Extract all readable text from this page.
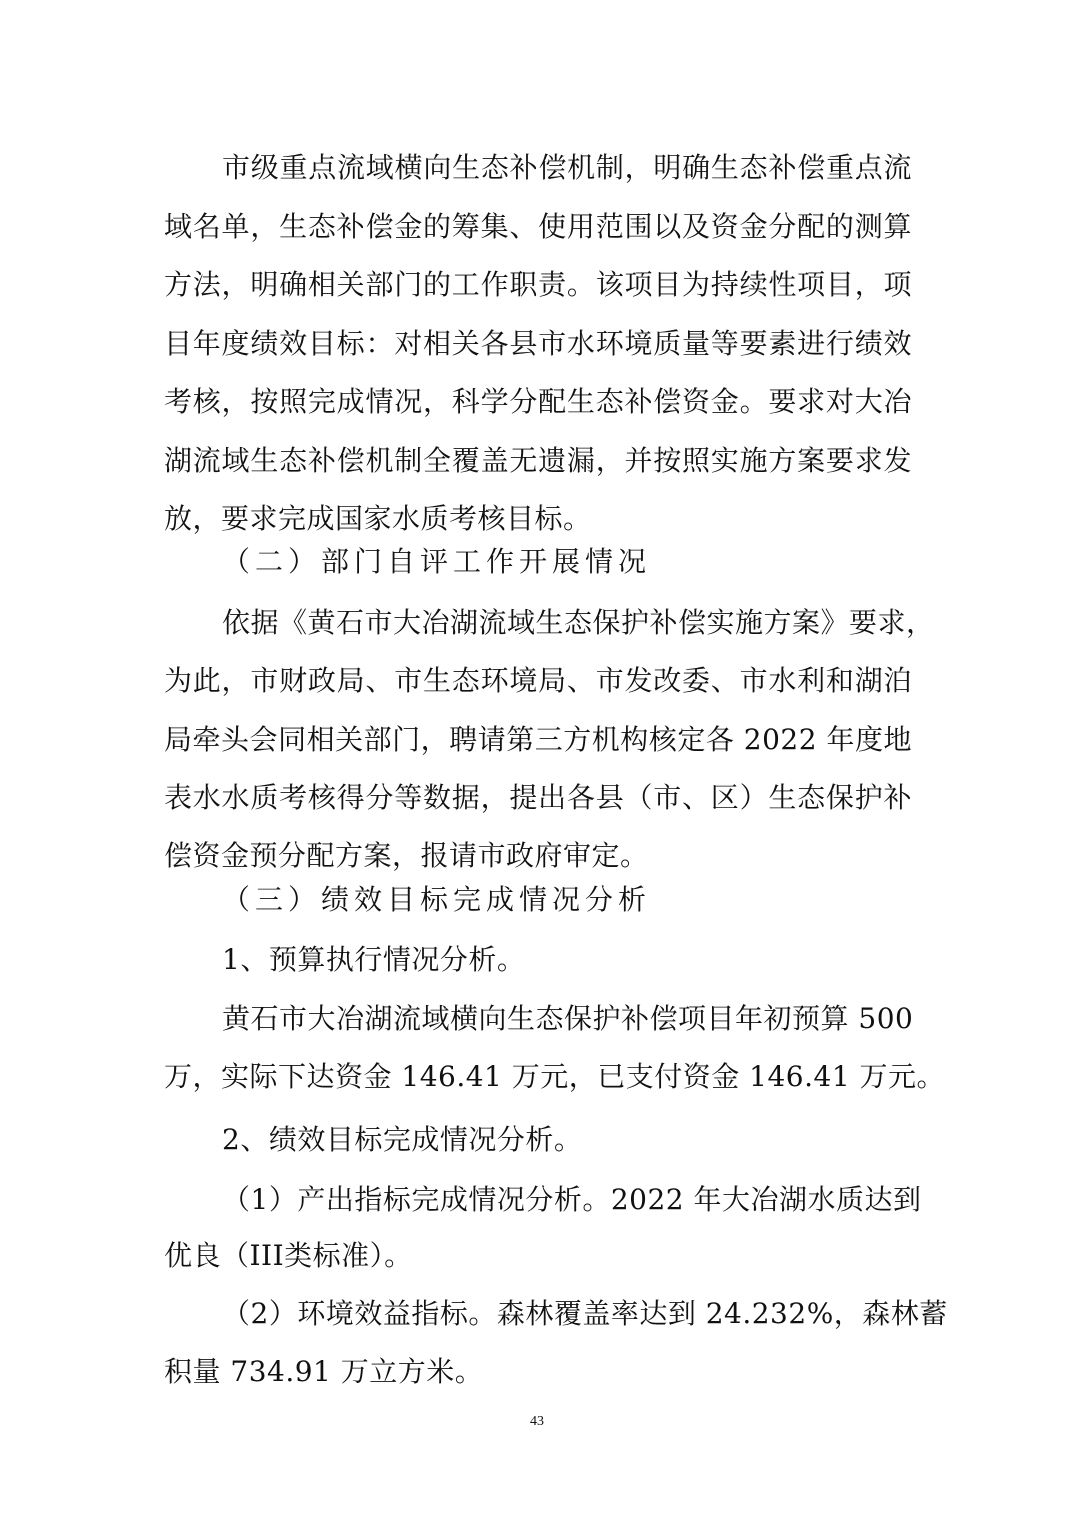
市级重点流域横向生态补偿机制，明确生态补偿重点流
域名单，生态补偿金的筹集、使用范围以及资金分配的测算
方法，明确相关部门的工作职责。该项目为持续性项目，项
目年度绩效目标：对相关各县市水环境质量等要素进行绩效
考核，按照完成情况，科学分配生态补偿资金。要求对大冶
湖流域生态补偿机制全覆盖无遗漏，并按照实施方案要求发
放，要求完成国家水质考核目标。
（二）部门自评工作开展情况
依据《黄石市大冶湖流域生态保护补偿实施方案》要求，
为此，市财政局、市生态环境局、市发改委、市水利和湖泊
局牵头会同相关部门，聘请第三方机构核定各 2022 年度地
表水水质考核得分等数据，提出各县（市、区）生态保护补
偿资金预分配方案，报请市政府审定。
（三）绩效目标完成情况分析
1、预算执行情况分析。
黄石市大冶湖流域横向生态保护补偿项目年初预算 500
万，实际下达资金 146.41 万元，已支付资金 146.41 万元。
2、绩效目标完成情况分析。
（1）产出指标完成情况分析。2022 年大冶湖水质达到
优良（III类标准）。
（2）环境效益指标。森林覆盖率达到 24.232%，森林蓄
积量 734.91 万立方米。
43
